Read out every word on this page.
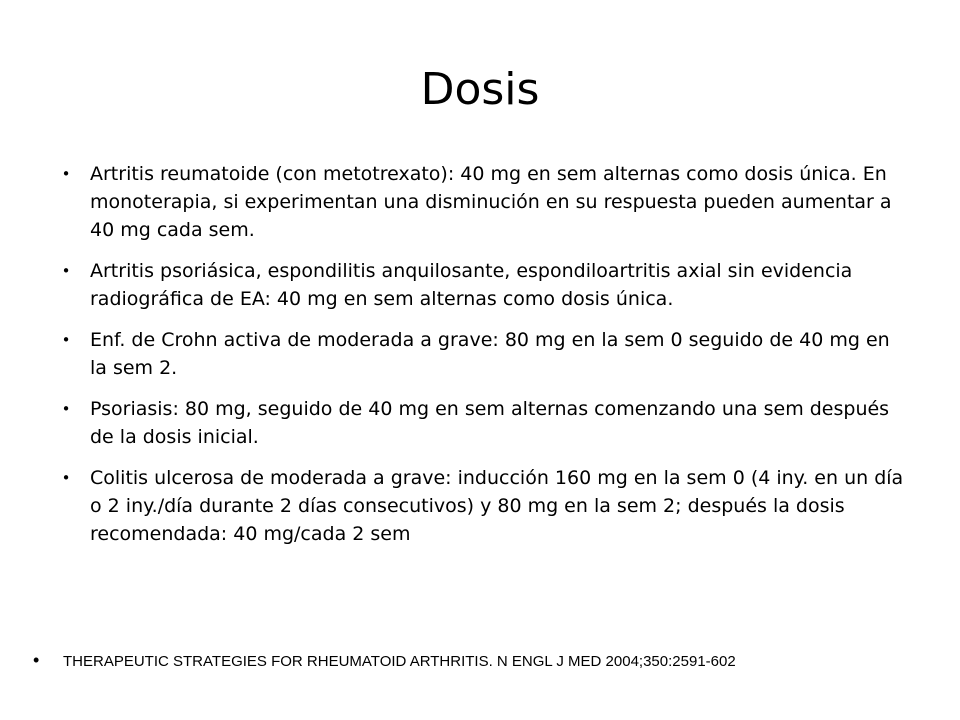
Dosis
• Artritis reumatoide (con metotrexato): 40 mg en sem alternas como dosis única. En monoterapia, si experimentan una disminución en su respuesta pueden aumentar a 40 mg cada sem.
• Artritis psoriásica, espondilitis anquilosante, espondiloartritis axial sin evidencia radiográfica de EA: 40 mg en sem alternas como dosis única.
• Enf. de Crohn activa de moderada a grave: 80 mg en la sem 0 seguido de 40 mg en la sem 2.
• Psoriasis: 80 mg, seguido de 40 mg en sem alternas comenzando una sem después de la dosis inicial.
• Colitis ulcerosa de moderada a grave: inducción 160 mg en la sem 0 (4 iny. en un día o 2 iny./día durante 2 días consecutivos) y 80 mg en la sem 2; después la dosis recomendada: 40 mg/cada 2 sem
• THERAPEUTIC STRATEGIES FOR RHEUMATOID ARTHRITIS. N ENGL J MED 2004;350:2591-602
